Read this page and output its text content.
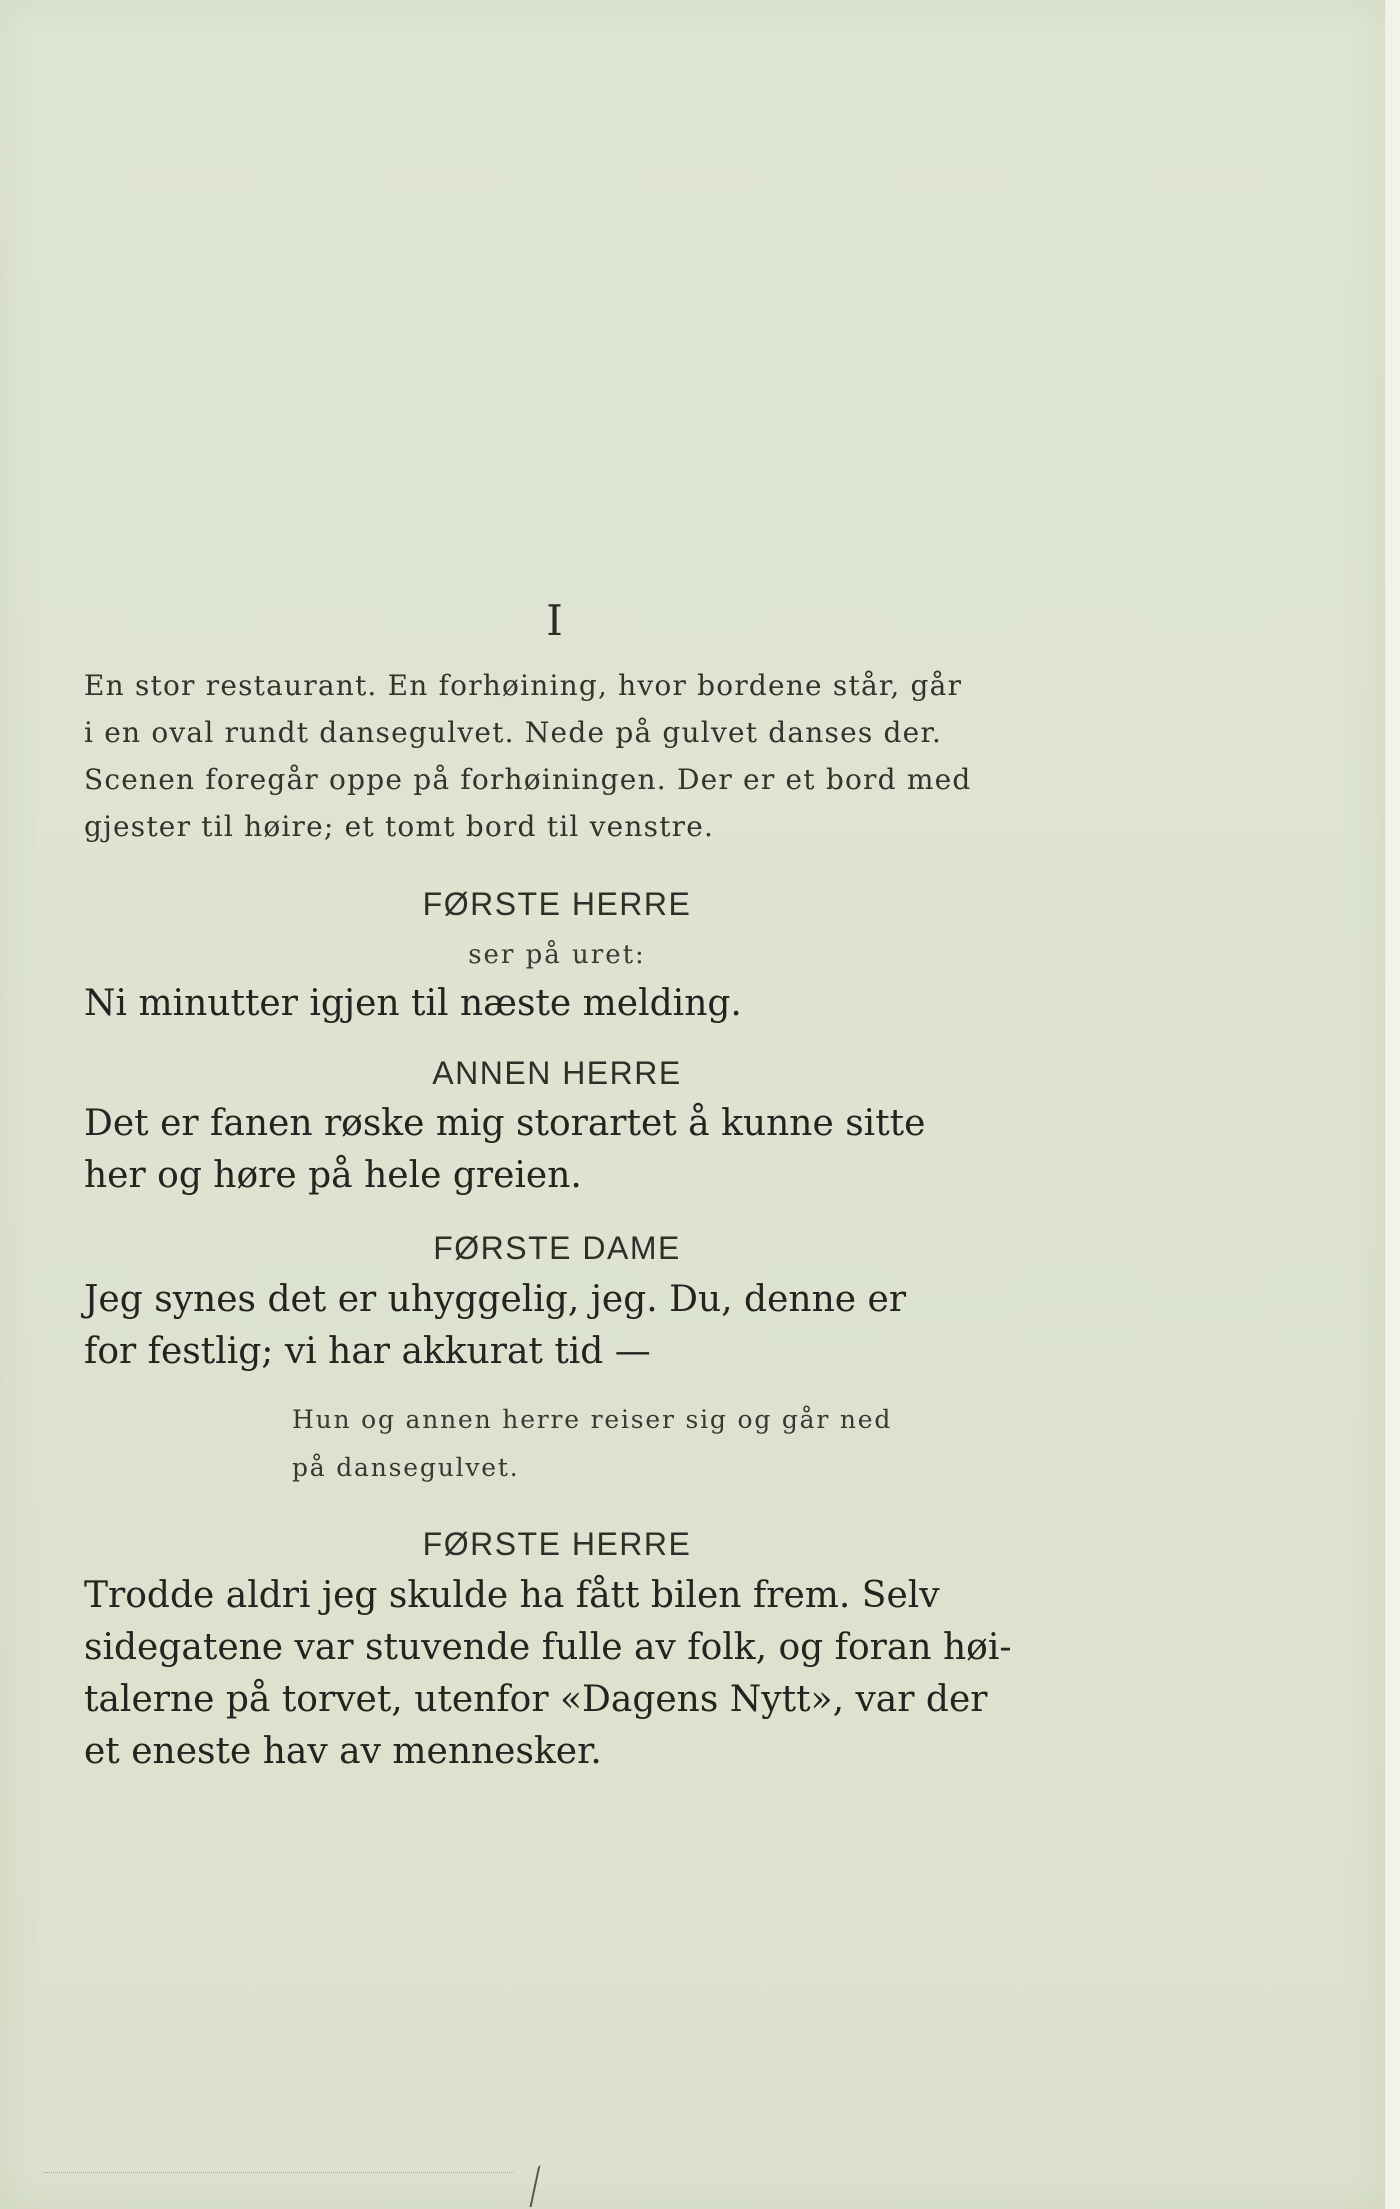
I
En stor restaurant. En forhøining, hvor bordene står, går
i en oval rundt dansegulvet. Nede på gulvet danses der.
Scenen foregår oppe på forhøiningen. Der er et bord med
gjester til høire; et tomt bord til venstre.
FØRSTE HERRE
ser på uret:
Ni minutter igjen til næste melding.
ANNEN HERRE
Det er fanen røske mig storartet å kunne sitte
her og høre på hele greien.
FØRSTE DAME
Jeg synes det er uhyggelig, jeg. Du, denne er
for festlig; vi har akkurat tid —
Hun og annen herre reiser sig og går ned
på dansegulvet.
FØRSTE HERRE
Trodde aldri jeg skulde ha fått bilen frem. Selv
sidegatene var stuvende fulle av folk, og foran høi-
talerne på torvet, utenfor «Dagens Nytt», var der
et eneste hav av mennesker.
